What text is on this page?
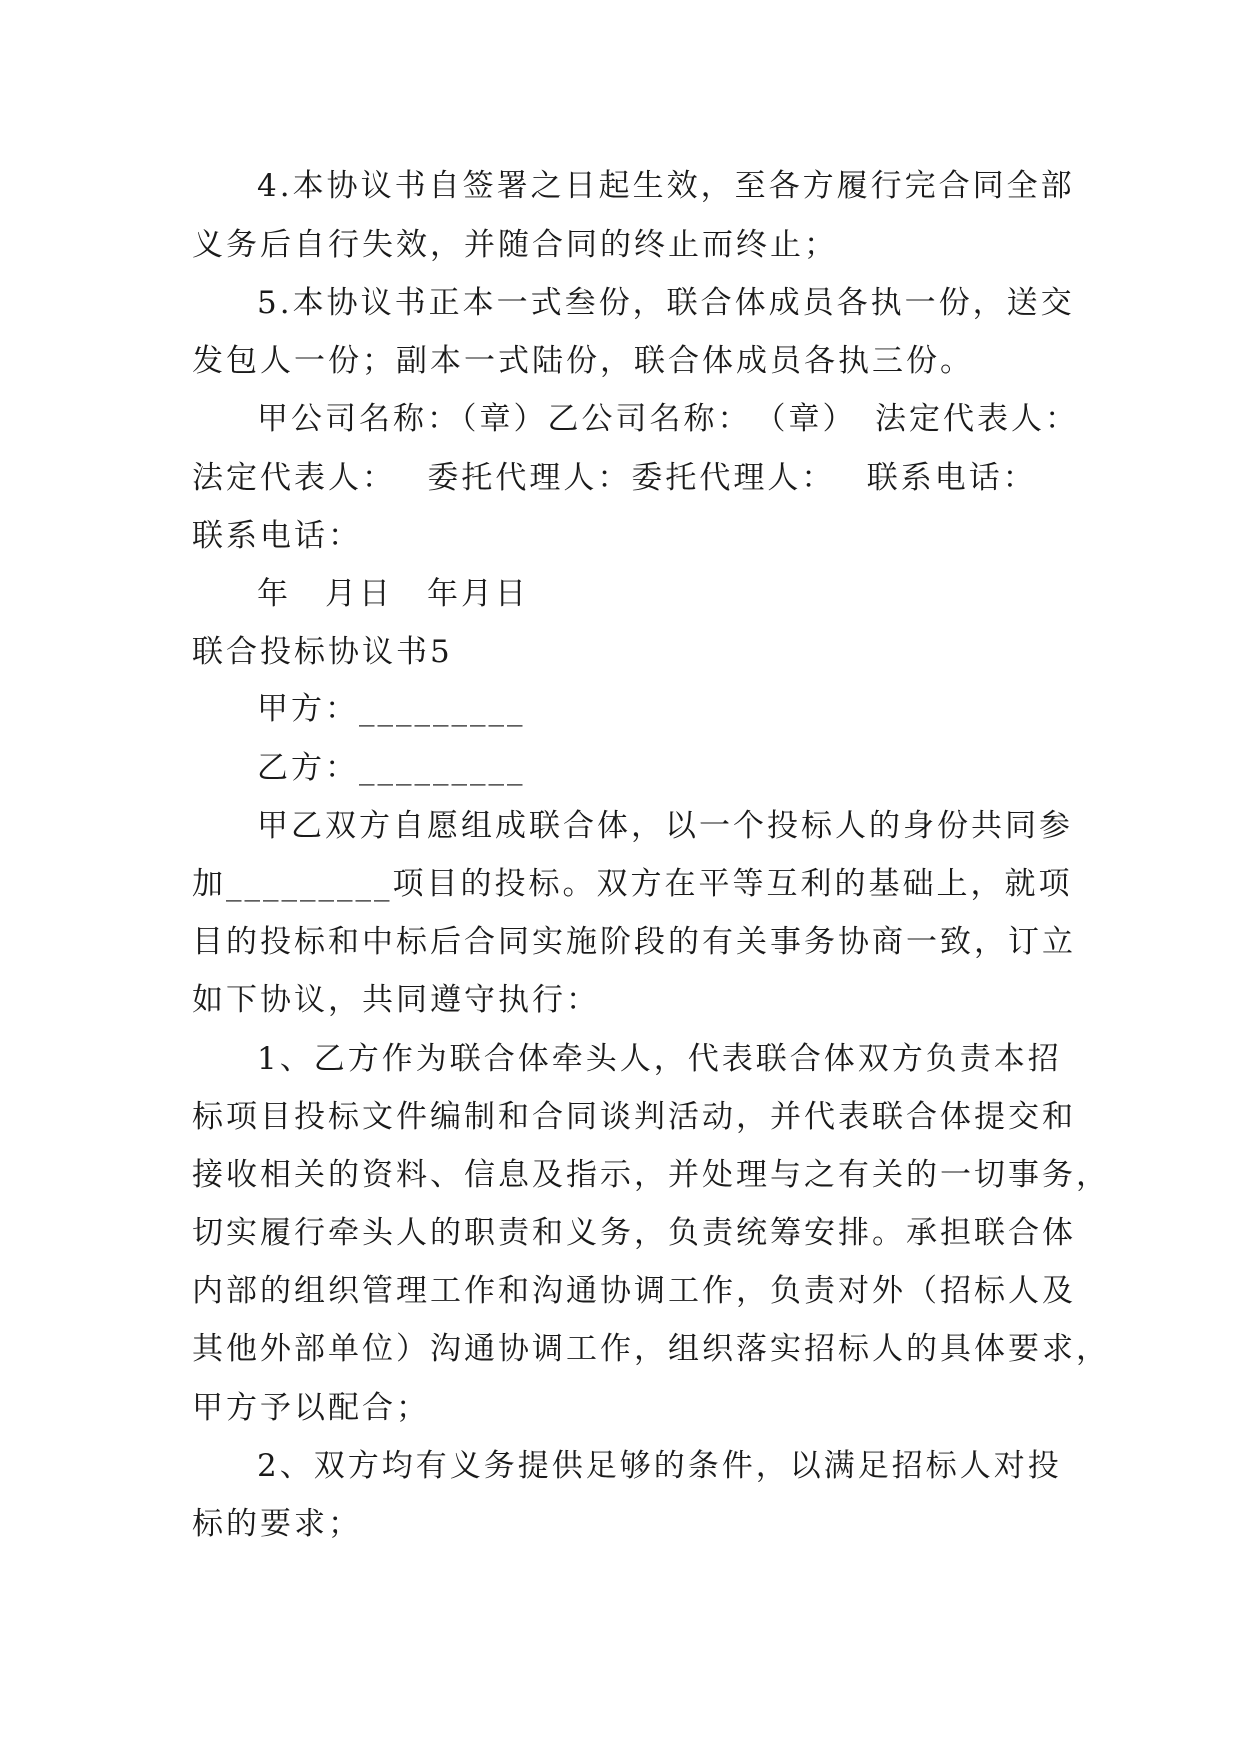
4.本协议书自签署之日起生效，至各方履行完合同全部
义务后自行失效，并随合同的终止而终止；
5.本协议书正本一式叁份，联合体成员各执一份，送交
发包人一份；副本一式陆份，联合体成员各执三份。
甲公司名称：（章）乙公司名称：　（章）　法定代表人：
法定代表人：　 委托代理人：委托代理人：　 联系电话：
联系电话：
年　月日　年月日
联合投标协议书5
甲方：_________
乙方：_________
甲乙双方自愿组成联合体，以一个投标人的身份共同参
加_________项目的投标。双方在平等互利的基础上，就项
目的投标和中标后合同实施阶段的有关事务协商一致，订立
如下协议，共同遵守执行：
1、乙方作为联合体牵头人，代表联合体双方负责本招
标项目投标文件编制和合同谈判活动，并代表联合体提交和
接收相关的资料、信息及指示，并处理与之有关的一切事务，
切实履行牵头人的职责和义务，负责统筹安排。承担联合体
内部的组织管理工作和沟通协调工作，负责对外（招标人及
其他外部单位）沟通协调工作，组织落实招标人的具体要求，
甲方予以配合；
2、双方均有义务提供足够的条件，以满足招标人对投
标的要求；
